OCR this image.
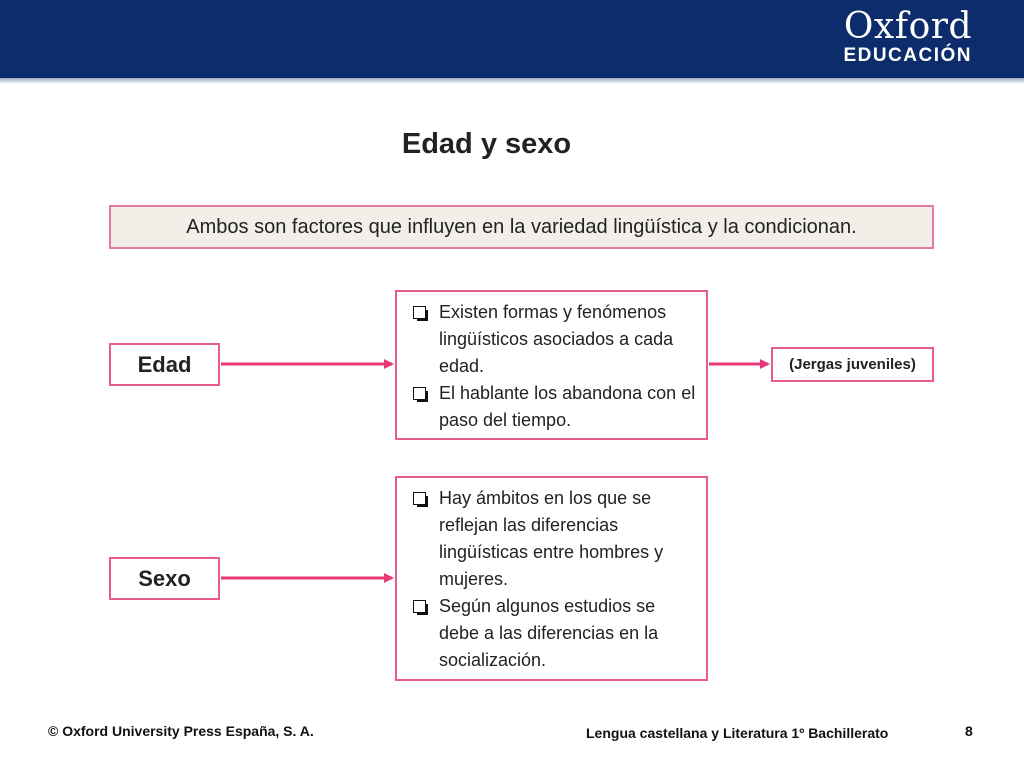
Oxford
EDUCACIÓN
Edad y sexo
Ambos son factores que influyen en la variedad lingüística y la condicionan.
Edad
Sexo
(Jergas juveniles)
Existen formas y fenómenos lingüísticos asociados a cada edad.
El hablante los abandona con el paso del tiempo.
Hay ámbitos en los que se reflejan las diferencias lingüísticas entre hombres y mujeres.
Según algunos estudios se debe a las diferencias en la socialización.
© Oxford University Press España, S. A.	Lengua castellana y Literatura 1º Bachillerato	8
